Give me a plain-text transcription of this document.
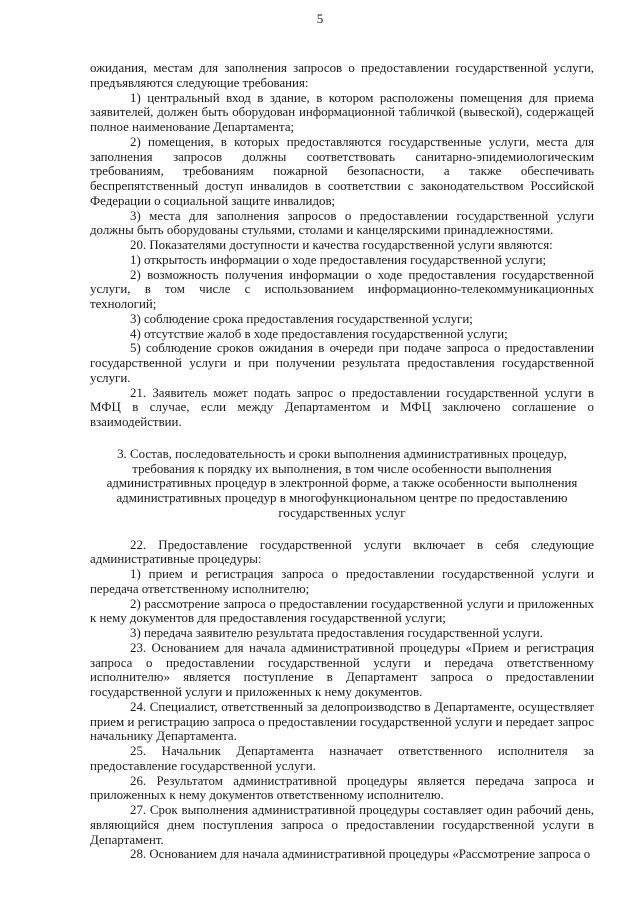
5

ожидания, местам для заполнения запросов о предоставлении государственной услуги, предъявляются следующие требования:

1) центральный вход в здание, в котором расположены помещения для приема заявителей, должен быть оборудован информационной табличкой (вывеской), содержащей полное наименование Департамента;

2) помещения, в которых предоставляются государственные услуги, места для заполнения запросов должны соответствовать санитарно-эпидемиологическим требованиям, требованиям пожарной безопасности, а также обеспечивать беспрепятственный доступ инвалидов в соответствии с законодательством Российской Федерации о социальной защите инвалидов;

3) места для заполнения запросов о предоставлении государственной услуги должны быть оборудованы стульями, столами и канцелярскими принадлежностями.

20. Показателями доступности и качества государственной услуги являются:

1) открытость информации о ходе предоставления государственной услуги;

2) возможность получения информации о ходе предоставления государственной услуги, в том числе с использованием информационно-телекоммуникационных технологий;

3) соблюдение срока предоставления государственной услуги;

4) отсутствие жалоб в ходе предоставления государственной услуги;

5) соблюдение сроков ожидания в очереди при подаче запроса о предоставлении государственной услуги и при получении результата предоставления государственной услуги.

21. Заявитель может подать запрос о предоставлении государственной услуги в МФЦ в случае, если между Департаментом и МФЦ заключено соглашение о взаимодействии.

3. Состав, последовательность и сроки выполнения административных процедур, требования к порядку их выполнения, в том числе особенности выполнения административных процедур в электронной форме, а также особенности выполнения административных процедур в многофункциональном центре по предоставлению государственных услуг

22. Предоставление государственной услуги включает в себя следующие административные процедуры:

1) прием и регистрация запроса о предоставлении государственной услуги и передача ответственному исполнителю;

2) рассмотрение запроса о предоставлении государственной услуги и приложенных к нему документов для предоставления государственной услуги;

3) передача заявителю результата предоставления государственной услуги.

23. Основанием для начала административной процедуры «Прием и регистрация запроса о предоставлении государственной услуги и передача ответственному исполнителю» является поступление в Департамент запроса о предоставлении государственной услуги и приложенных к нему документов.

24. Специалист, ответственный за делопроизводство в Департаменте, осуществляет прием и регистрацию запроса о предоставлении государственной услуги и передает запрос начальнику Департамента.

25. Начальник Департамента назначает ответственного исполнителя за предоставление государственной услуги.

26. Результатом административной процедуры является передача запроса и приложенных к нему документов ответственному исполнителю.

27. Срок выполнения административной процедуры составляет один рабочий день, являющийся днем поступления запроса о предоставлении государственной услуги в Департамент.

28. Основанием для начала административной процедуры «Рассмотрение запроса о
